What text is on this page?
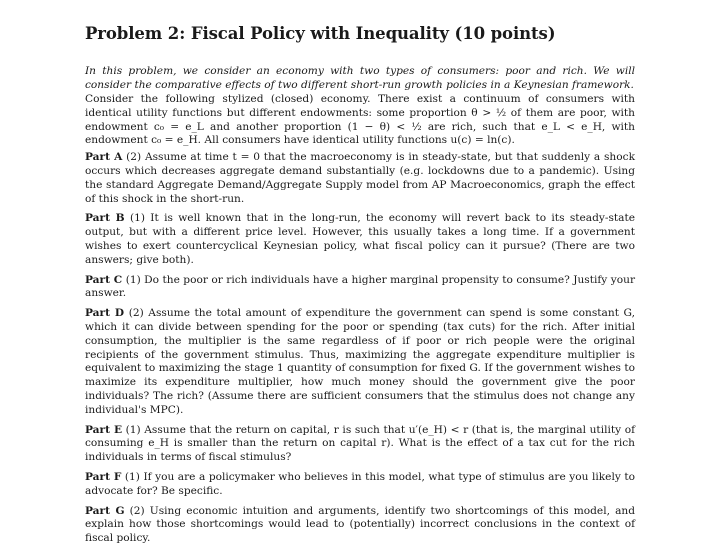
Problem 2: Fiscal Policy with Inequality (10 points)

In this problem, we consider an economy with two types of consumers: poor and rich. We will consider the comparative effects of two different short-run growth policies in a Keynesian framework.

Consider the following stylized (closed) economy. There exist a continuum of consumers with identical utility functions but different endowments: some proportion θ > ½ of them are poor, with endowment c₀ = e_L and another proportion (1 − θ) < ½ are rich, such that e_L < e_H, with endowment c₀ = e_H. All consumers have identical utility functions u(c) = ln(c).

Part A (2) Assume at time t = 0 that the macroeconomy is in steady-state, but that suddenly a shock occurs which decreases aggregate demand substantially (e.g. lockdowns due to a pandemic). Using the standard Aggregate Demand/Aggregate Supply model from AP Macroeconomics, graph the effect of this shock in the short-run.

Part B (1) It is well known that in the long-run, the economy will revert back to its steady-state output, but with a different price level. However, this usually takes a long time. If a government wishes to exert countercyclical Keynesian policy, what fiscal policy can it pursue? (There are two answers; give both).

Part C (1) Do the poor or rich individuals have a higher marginal propensity to consume? Justify your answer.

Part D (2) Assume the total amount of expenditure the government can spend is some constant G, which it can divide between spending for the poor or spending (tax cuts) for the rich. After initial consumption, the multiplier is the same regardless of if poor or rich people were the original recipients of the government stimulus. Thus, maximizing the aggregate expenditure multiplier is equivalent to maximizing the stage 1 quantity of consumption for fixed G. If the government wishes to maximize its expenditure multiplier, how much money should the government give the poor individuals? The rich? (Assume there are sufficient consumers that the stimulus does not change any individual's MPC).

Part E (1) Assume that the return on capital, r is such that u′(e_H) < r (that is, the marginal utility of consuming e_H is smaller than the return on capital r). What is the effect of a tax cut for the rich individuals in terms of fiscal stimulus?

Part F (1) If you are a policymaker who believes in this model, what type of stimulus are you likely to advocate for? Be specific.

Part G (2) Using economic intuition and arguments, identify two shortcomings of this model, and explain how those shortcomings would lead to (potentially) incorrect conclusions in the context of fiscal policy.
